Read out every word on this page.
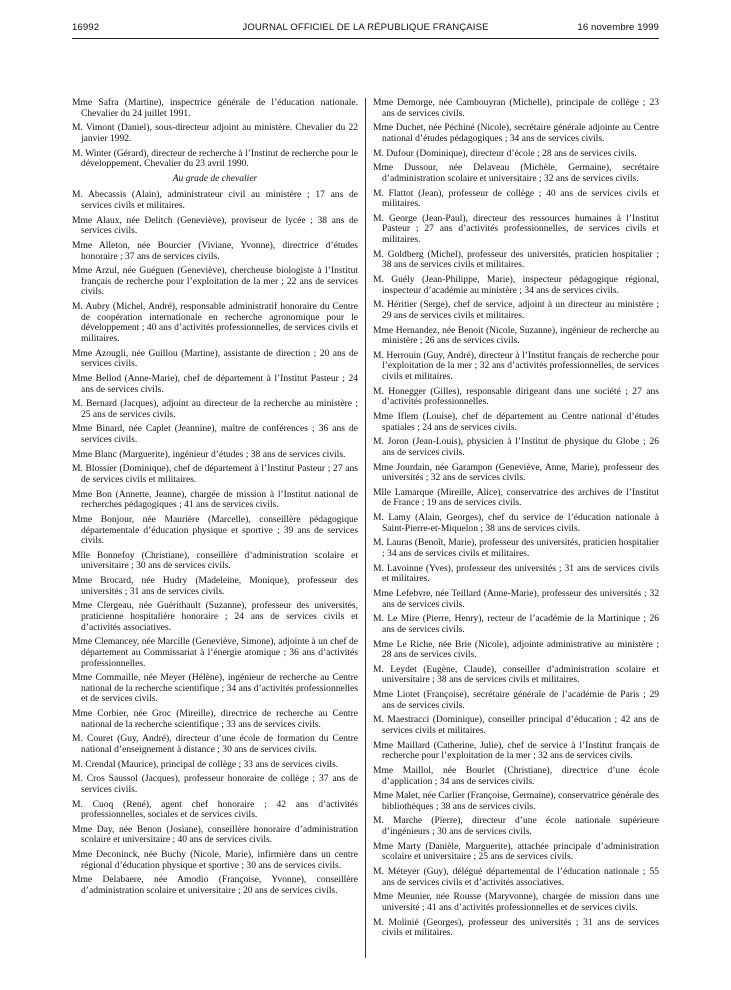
16992	JOURNAL OFFICIEL DE LA RÉPUBLIQUE FRANÇAISE	16 novembre 1999

Mme Safra (Martine), inspectrice générale de l’éducation nationale. Chevalier du 24 juillet 1991.

M. Vimont (Daniel), sous-directeur adjoint au ministère. Chevalier du 22 janvier 1992.

M. Winter (Gérard), directeur de recherche à l’Institut de recherche pour le développement. Chevalier du 23 avril 1990.

Au grade de chevalier

M. Abecassis (Alain), administrateur civil au ministère ; 17 ans de services civils et militaires.

Mme Alaux, née Delitch (Geneviève), proviseur de lycée ; 38 ans de services civils.

Mme Alleton, née Bourcier (Viviane, Yvonne), directrice d’études honoraire ; 37 ans de services civils.

Mme Arzul, née Guéguen (Geneviève), chercheuse biologiste à l’Institut français de recherche pour l’exploitation de la mer ; 22 ans de services civils.

M. Aubry (Michel, André), responsable administratif honoraire du Centre de coopération internationale en recherche agronomique pour le développement ; 40 ans d’activités professionnelles, de services civils et militaires.

Mme Azougli, née Guillou (Martine), assistante de direction ; 20 ans de services civils.

Mme Bellod (Anne-Marie), chef de département à l’Institut Pasteur ; 24 ans de services civils.

M. Bernard (Jacques), adjoint au directeur de la recherche au ministère ; 25 ans de services civils.

Mme Binard, née Caplet (Jeannine), maître de conférences ; 36 ans de services civils.

Mme Blanc (Marguerite), ingénieur d’études ; 38 ans de services civils.

M. Blossier (Dominique), chef de département à l’Institut Pasteur ; 27 ans de services civils et militaires.

Mme Bon (Annette, Jeanne), chargée de mission à l’Institut national de recherches pédagogiques ; 41 ans de services civils.

Mme Bonjour, née Maurière (Marcelle), conseillère pédagogique départementale d’éducation physique et sportive ; 39 ans de services civils.

Mlle Bonnefoy (Christiane), conseillère d’administration scolaire et universitaire ; 30 ans de services civils.

Mme Brocard, née Hudry (Madeleine, Monique), professeur des universités ; 31 ans de services civils.

Mme Clergeau, née Guérithault (Suzanne), professeur des universités, praticienne hospitalière honoraire ; 24 ans de services civils et d’activités associatives.

Mme Clemancey, née Marcille (Geneviève, Simone), adjointe à un chef de département au Commissariat à l’énergie atomique ; 36 ans d’activités professionnelles.

Mme Commaille, née Meyer (Hélène), ingénieur de recherche au Centre national de la recherche scientifique ; 34 ans d’activités professionnelles et de services civils.

Mme Corbier, née Groc (Mireille), directrice de recherche au Centre national de la recherche scientifique ; 33 ans de services civils.

M. Couret (Guy, André), directeur d’une école de formation du Centre national d’enseignement à distance ; 30 ans de services civils.

M. Crendal (Maurice), principal de collège ; 33 ans de services civils.

M. Cros Saussol (Jacques), professeur honoraire de collège ; 37 ans de services civils.

M. Cuoq (René), agent chef honoraire ; 42 ans d’activités professionnelles, sociales et de services civils.

Mme Day, née Benon (Josiane), conseillère honoraire d’administration scolaire et universitaire ; 40 ans de services civils.

Mme Deconinck, née Buchy (Nicole, Marie), infirmière dans un centre régional d’éducation physique et sportive ; 30 ans de services civils.

Mme Delabaere, née Amodio (Françoise, Yvonne), conseillère d’administration scolaire et universitaire ; 20 ans de services civils.

Mme Demorge, née Cambouyran (Michelle), principale de collège ; 23 ans de services civils.

Mme Duchet, née Péchiné (Nicole), secrétaire générale adjointe au Centre national d’études pédagogiques ; 34 ans de services civils.

M. Dufour (Dominique), directeur d’école ; 28 ans de services civils.

Mme Dussour, née Delaveau (Michèle, Germaine), secrétaire d’administration scolaire et universitaire ; 32 ans de services civils.

M. Flattot (Jean), professeur de collège ; 40 ans de services civils et militaires.

M. George (Jean-Paul), directeur des ressources humaines à l’Institut Pasteur ; 27 ans d’activités professionnelles, de services civils et militaires.

M. Goldberg (Michel), professeur des universités, praticien hospitalier ; 38 ans de services civils et militaires.

M. Guély (Jean-Philippe, Marie), inspecteur pédagogique régional, inspecteur d’académie au ministère ; 34 ans de services civils.

M. Héritier (Serge), chef de service, adjoint à un directeur au ministère ; 29 ans de services civils et militaires.

Mme Hernandez, née Benoit (Nicole, Suzanne), ingénieur de recherche au ministère ; 26 ans de services civils.

M. Herrouin (Guy, André), directeur à l’Institut français de recherche pour l’exploitation de la mer ; 32 ans d’activités professionnelles, de services civils et militaires.

M. Honegger (Gilles), responsable dirigeant dans une société ; 27 ans d’activités professionnelles.

Mme Iflem (Louise), chef de département au Centre national d’études spatiales ; 24 ans de services civils.

M. Joron (Jean-Louis), physicien à l’Institut de physique du Globe ; 26 ans de services civils.

Mme Jourdain, née Garampon (Geneviève, Anne, Marie), professeur des universités ; 32 ans de services civils.

Mlle Lamarque (Mireille, Alice), conservatrice des archives de l’Institut de France ; 19 ans de services civils.

M. Lamy (Alain, Georges), chef du service de l’éducation nationale à Saint-Pierre-et-Miquelon ; 38 ans de services civils.

M. Lauras (Benoît, Marie), professeur des universités, praticien hospitalier ; 34 ans de services civils et militaires.

M. Lavoinne (Yves), professeur des universités ; 31 ans de services civils et militaires.

Mme Lefebvre, née Teillard (Anne-Marie), professeur des universités ; 32 ans de services civils.

M. Le Mire (Pierre, Henry), recteur de l’académie de la Martinique ; 26 ans de services civils.

Mme Le Riche, née Brie (Nicole), adjointe administrative au ministère ; 28 ans de services civils.

M. Leydet (Eugène, Claude), conseiller d’administration scolaire et universitaire ; 38 ans de services civils et militaires.

Mme Liotet (Françoise), secrétaire générale de l’académie de Paris ; 29 ans de services civils.

M. Maestracci (Dominique), conseiller principal d’éducation ; 42 ans de services civils et militaires.

Mme Maillard (Catherine, Julie), chef de service à l’Institut français de recherche pour l’exploitation de la mer ; 32 ans de services civils.

Mme Maillol, née Bourlet (Christiane), directrice d’une école d’application ; 34 ans de services civils.

Mme Malet, née Carlier (Françoise, Germaine), conservatrice générale des bibliothèques ; 38 ans de services civils.

M. Marche (Pierre), directeur d’une école nationale supérieure d’ingénieurs ; 30 ans de services civils.

Mme Marty (Danièle, Marguerite), attachée principale d’administration scolaire et universitaire ; 25 ans de services civils.

M. Méteyer (Guy), délégué départemental de l’éducation nationale ; 55 ans de services civils et d’activités associatives.

Mme Meunier, née Rousse (Maryvonne), chargée de mission dans une université ; 41 ans d’activités professionnelles et de services civils.

M. Molinié (Georges), professeur des universités ; 31 ans de services civils et militaires.
